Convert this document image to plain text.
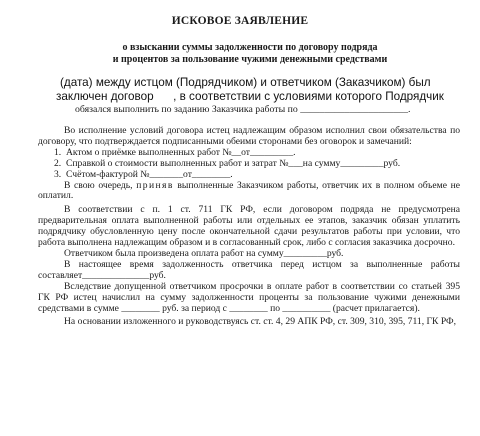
ИСКОВОЕ ЗАЯВЛЕНИЕ
о взыскании суммы задолженности по договору подряда
и процентов за пользование чужими денежными средствами
(дата) между истцом (Подрядчиком) и ответчиком (Заказчиком) был
заключен договор      , в соответствии с условиями которого Подрядчик
обязался выполнить по заданию Заказчика работы по ______________________.

Во исполнение условий договора истец надлежащим образом исполнил свои обязательства по договору, что подтверждается подписанными обеими сторонами без оговорок и замечаний:

1. Актом о приёмке выполненных работ №__от_________.
2. Справкой о стоимости выполненных работ и затрат №___на сумму_________руб.
3. Счётом-фактурой №_______от________.

В свою очередь, приняв выполненные Заказчиком работы, ответчик их в полном объеме не оплатил.

В соответствии с п. 1 ст. 711 ГК РФ, если договором подряда не предусмотрена предварительная оплата выполненной работы или отдельных ее этапов, заказчик обязан уплатить подрядчику обусловленную цену после окончательной сдачи результатов работы при условии, что работа выполнена надлежащим образом и в согласованный срок, либо с согласия заказчика досрочно.

Ответчиком была произведена оплата работ на сумму_________руб.

В настоящее время задолженность ответчика перед истцом за выполненные работы составляет______________руб.

Вследствие допущенной ответчиком просрочки в оплате работ в соответствии со статьей 395 ГК РФ истец начислил на сумму задолженности проценты за пользование чужими денежными средствами в сумме ________ руб. за период с ________ по __________ (расчет прилагается).

На основании изложенного и руководствуясь ст. ст. 4, 29 АПК РФ, ст. 309, 310, 395, 711, ГК РФ,
